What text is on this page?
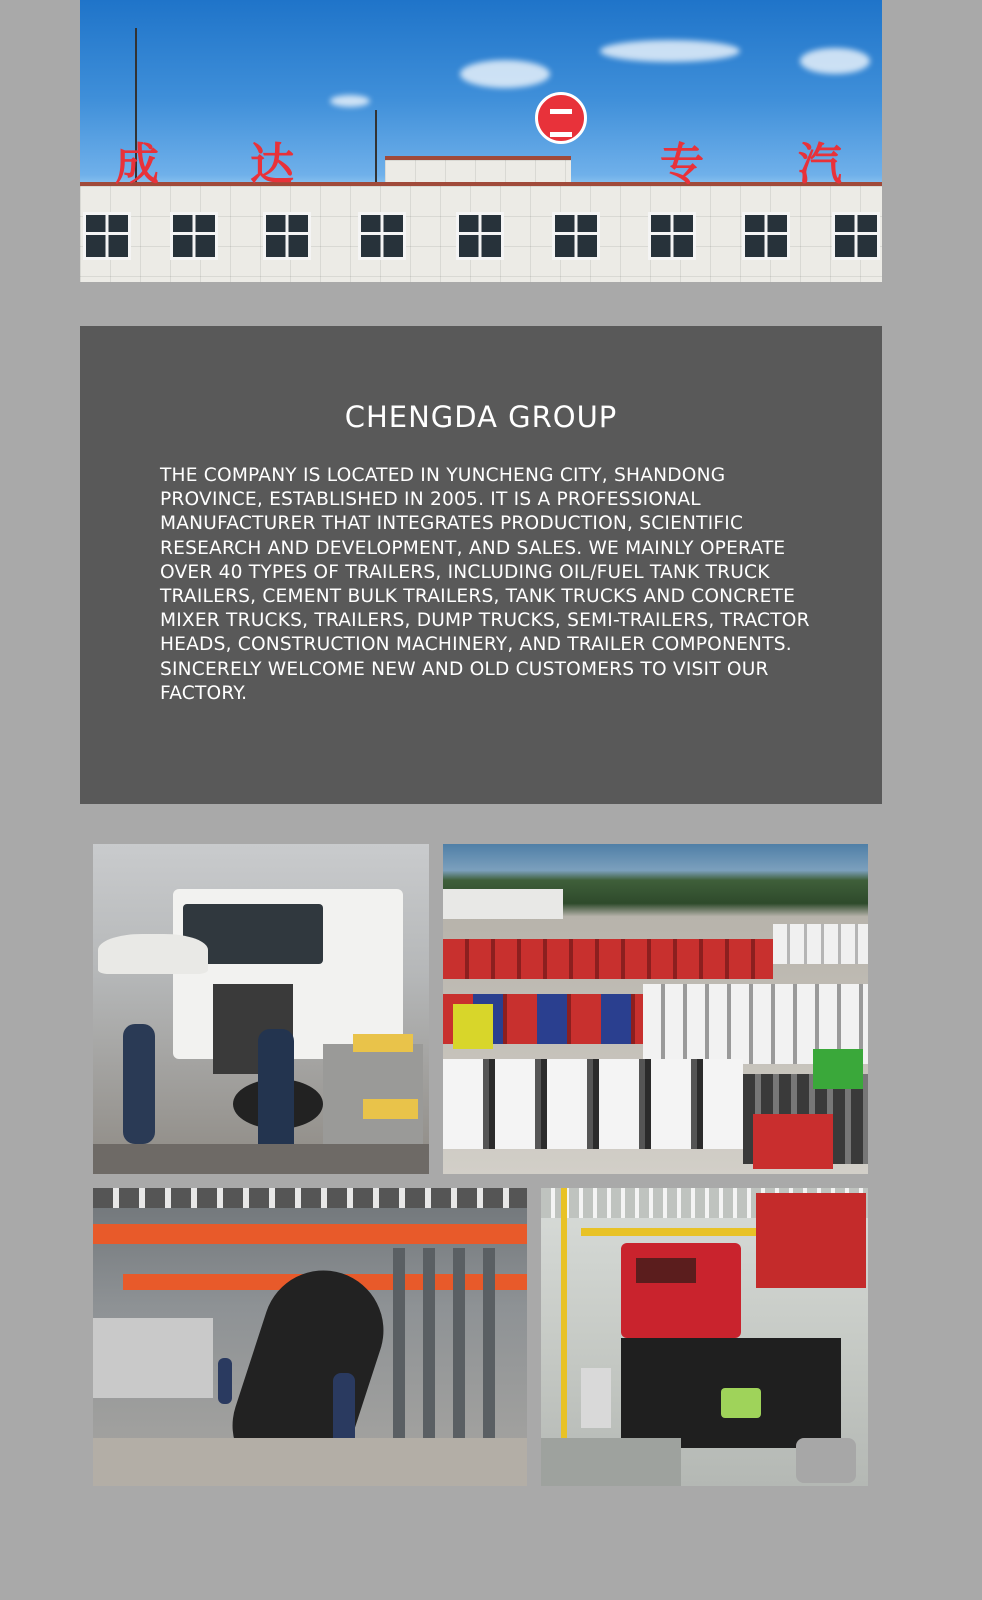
成 达	专 汽
CHENGDA GROUP

THE COMPANY IS LOCATED IN YUNCHENG CITY, SHANDONG PROVINCE, ESTABLISHED IN 2005. IT IS A PROFESSIONAL MANUFACTURER THAT INTEGRATES PRODUCTION, SCIENTIFIC RESEARCH AND DEVELOPMENT, AND SALES. WE MAINLY OPERATE OVER 40 TYPES OF TRAILERS, INCLUDING OIL/FUEL TANK TRUCK TRAILERS, CEMENT BULK TRAILERS, TANK TRUCKS AND CONCRETE MIXER TRUCKS, TRAILERS, DUMP TRUCKS, SEMI-TRAILERS, TRACTOR HEADS, CONSTRUCTION MACHINERY, AND TRAILER COMPONENTS. SINCERELY WELCOME NEW AND OLD CUSTOMERS TO VISIT OUR FACTORY.
